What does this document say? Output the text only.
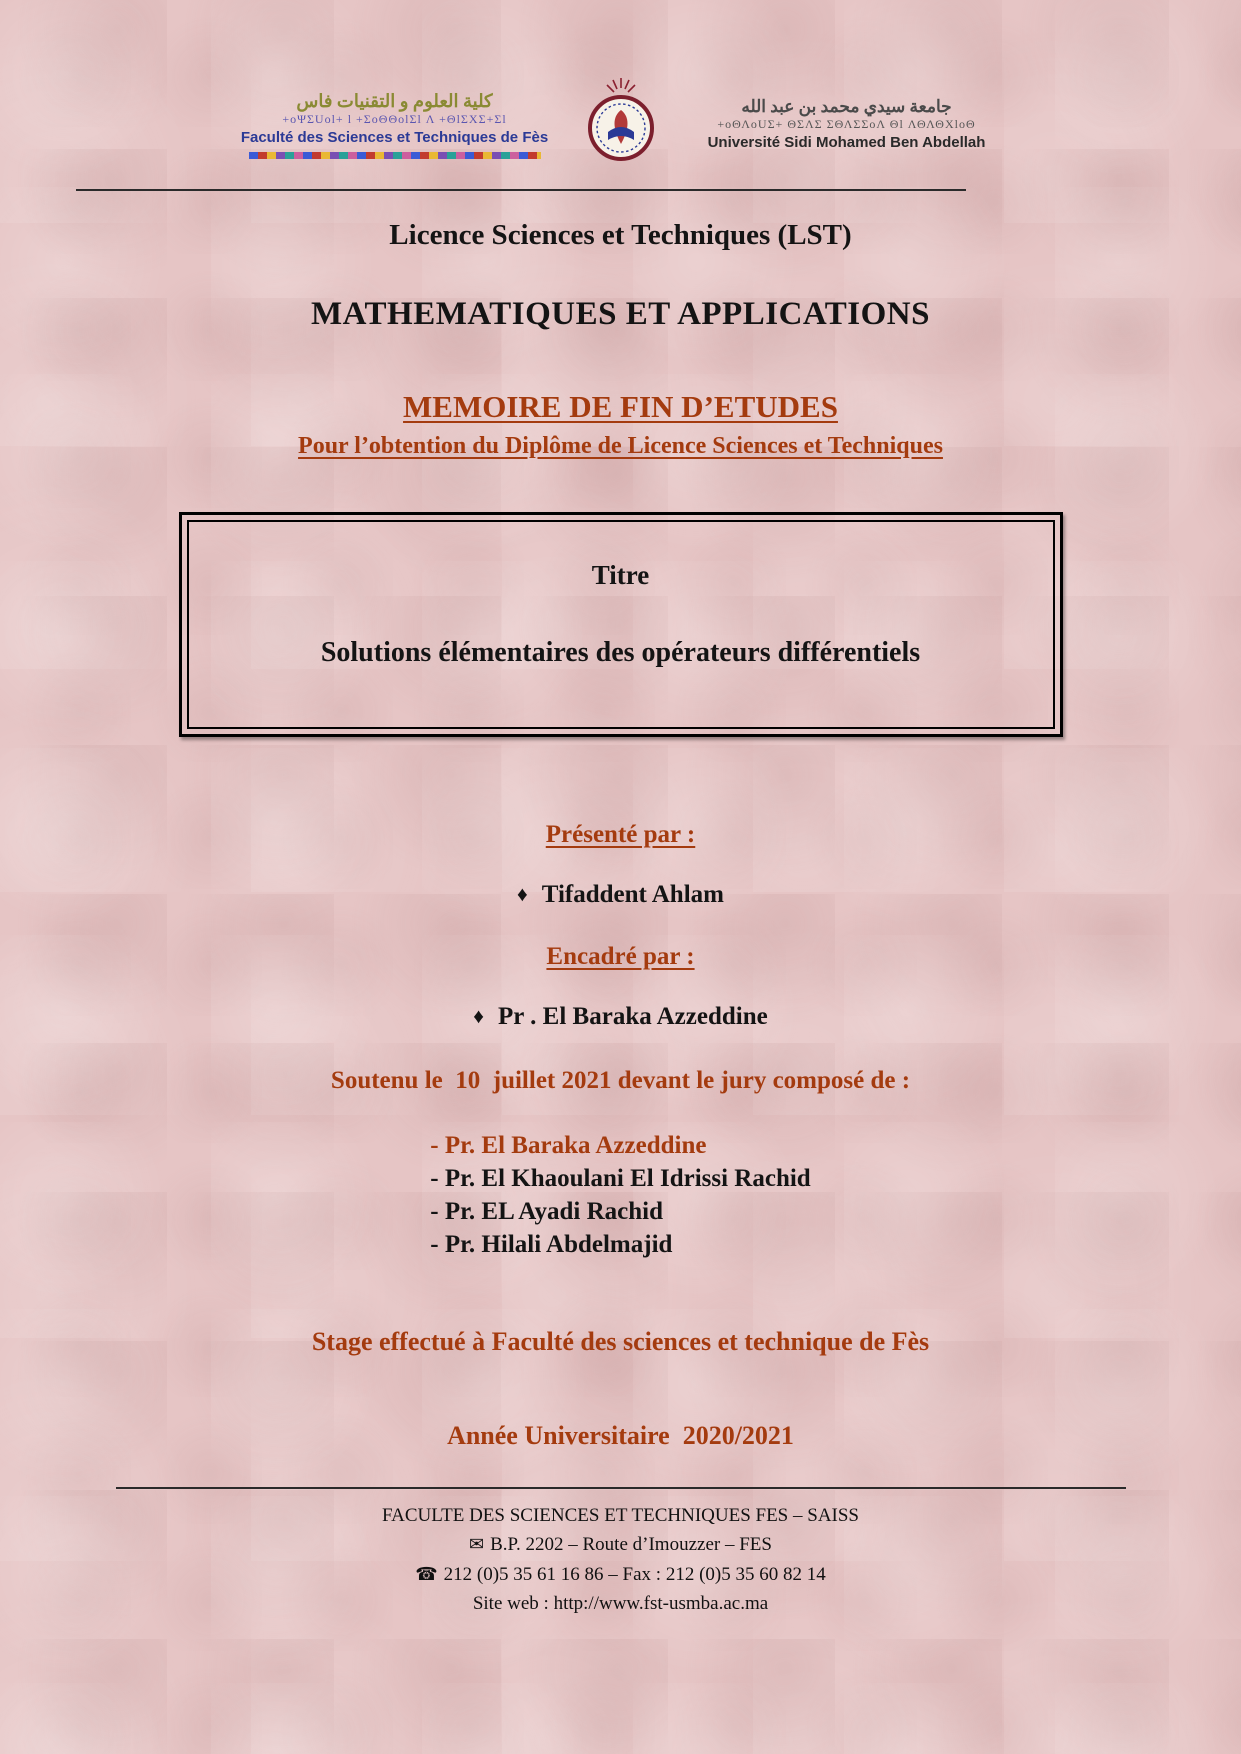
كلية العلوم و التقنيات فاس
+oΨΣUol+ l +ΣoΘΘolΣl Λ +ΘlΣΧΣ+Σl
Faculté des Sciences et Techniques de Fès
جامعة سيدي محمد بن عبد الله
+oΘΛoUΣ+ ΘΣΛΣ ΣΘΛΣΣoΛ Θl ΛΘΛΘΧloΘ
Université Sidi Mohamed Ben Abdellah
Licence Sciences et Techniques (LST)
MATHEMATIQUES ET APPLICATIONS
MEMOIRE DE FIN D’ETUDES
Pour l’obtention du Diplôme de Licence Sciences et Techniques
Titre
Solutions élémentaires des opérateurs différentiels
Présenté par :
♦ Tifaddent Ahlam
Encadré par :
♦ Pr . El Baraka Azzeddine
Soutenu le  10  juillet 2021 devant le jury composé de :
- Pr. El Baraka Azzeddine
- Pr. El Khaoulani El Idrissi Rachid
- Pr. EL Ayadi Rachid
- Pr. Hilali Abdelmajid
Stage effectué à Faculté des sciences et technique de Fès
Année Universitaire  2020/2021
FACULTE DES SCIENCES ET TECHNIQUES FES – SAISS
✉ B.P. 2202 – Route d’Imouzzer – FES
☎ 212 (0)5 35 61 16 86 – Fax : 212 (0)5 35 60 82 14
Site web : http://www.fst-usmba.ac.ma
